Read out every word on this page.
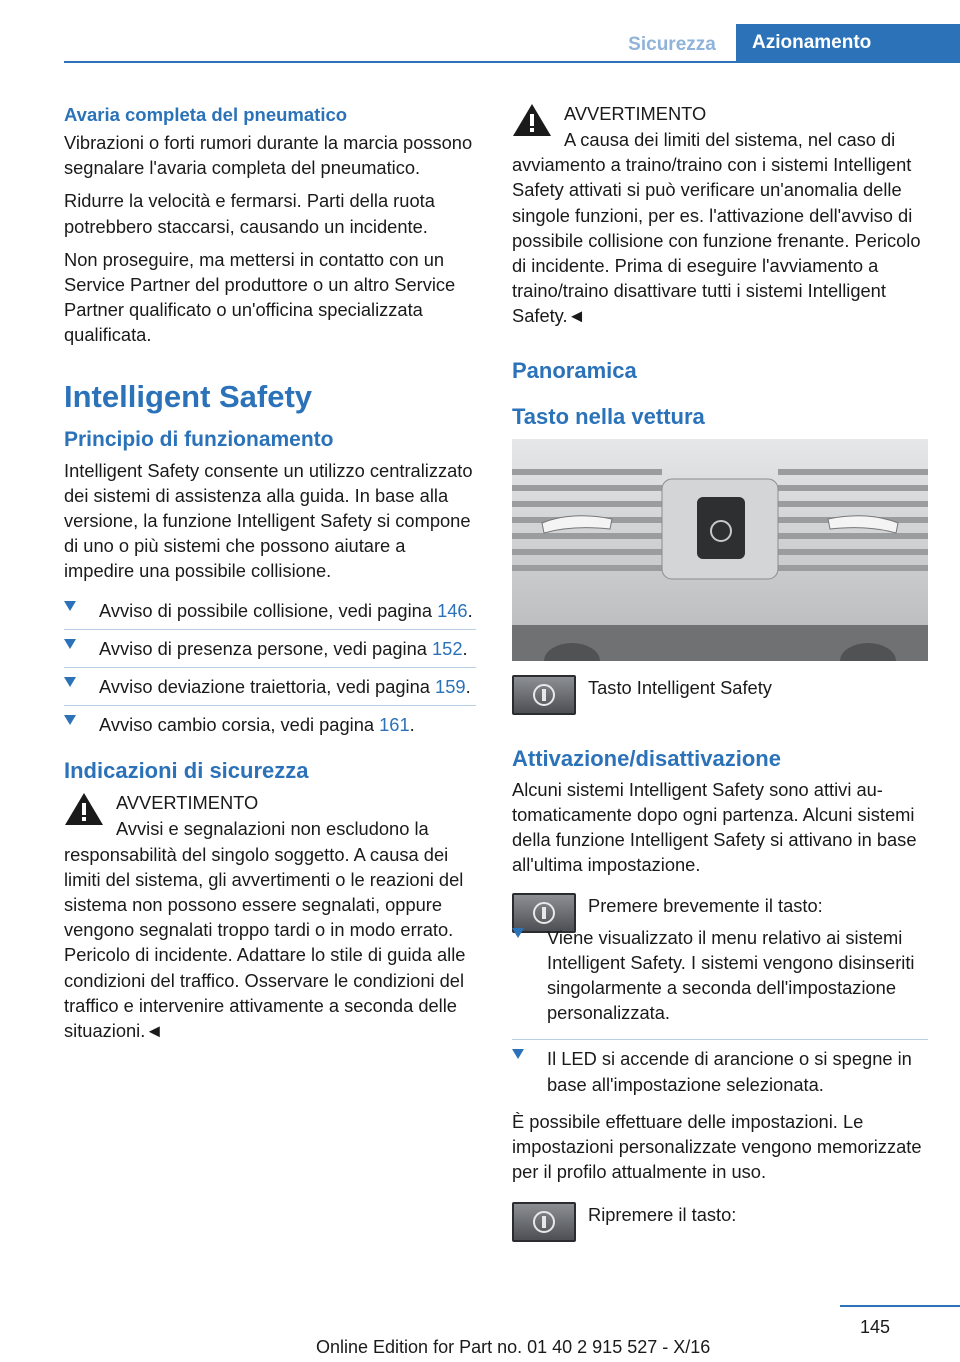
Sicurezza	Azionamento
Avaria completa del pneumatico

Vibrazioni o forti rumori durante la marcia possono segnalare l'avaria completa del pneumatico.

Ridurre la velocità e fermarsi. Parti della ruota potrebbero staccarsi, causando un incidente.

Non proseguire, ma mettersi in contatto con un Service Partner del produttore o un altro Service Partner qualificato o un'officina specializzata qualificata.

Intelligent Safety
Principio di funzionamento

Intelligent Safety consente un utilizzo centralizzato dei sistemi di assistenza alla guida. In base alla versione, la funzione Intelligent Safety si compone di uno o più sistemi che possono aiutare a impedire una possibile collisione.

Avviso di possibile collisione, vedi pagina 146.
Avviso di presenza persone, vedi pagina 152.
Avviso deviazione traiettoria, vedi pagina 159.
Avviso cambio corsia, vedi pagina 161.
Indicazioni di sicurezza
AVVERTIMENTO

Avvisi e segnalazioni non escludono la responsabilità del singolo soggetto. A causa dei limiti del sistema, gli avvertimenti o le reazioni del sistema non possono essere segnalati, oppure vengono segnalati troppo tardi o in modo errato. Pericolo di incidente. Adattare lo stile di guida alle condizioni del traffico. Osservare le condizioni del traffico e intervenire attivamente a seconda delle situazioni.◄

AVVERTIMENTO

A causa dei limiti del sistema, nel caso di avviamento a traino/traino con i sistemi Intelligent Safety attivati si può verificare un'anomalia delle singole funzioni, per es. l'attivazione dell'avviso di possibile collisione con funzione frenante. Pericolo di incidente. Prima di eseguire l'avviamento a traino/traino disattivare tutti i sistemi Intelligent Safety.◄

Panoramica
Tasto nella vettura
Tasto Intelligent Safety
Attivazione/disattivazione

Alcuni sistemi Intelligent Safety sono attivi automaticamente dopo ogni partenza. Alcuni sistemi della funzione Intelligent Safety si attivano in base all'ultima impostazione.

Premere brevemente il tasto:
Viene visualizzato il menu relativo ai sistemi Intelligent Safety. I sistemi vengono disinseriti singolarmente a seconda dell'impostazione personalizzata.
Il LED si accende di arancione o si spegne in base all'impostazione selezionata.

È possibile effettuare delle impostazioni. Le impostazioni personalizzate vengono memorizzate per il profilo attualmente in uso.

Ripremere il tasto:
145
Online Edition for Part no. 01 40 2 915 527 - X/16
